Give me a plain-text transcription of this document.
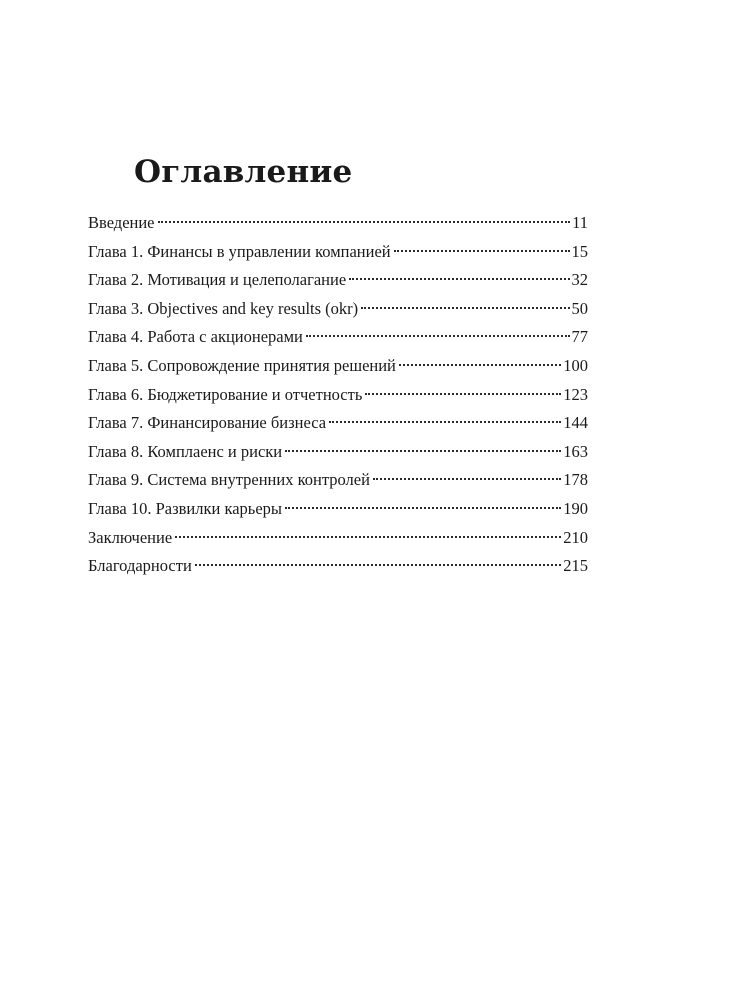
Оглавление
Введение	11
Глава 1. Финансы в управлении компанией	15
Глава 2. Мотивация и целеполагание	32
Глава 3. Objectives and key results (okr)	50
Глава 4. Работа с акционерами	77
Глава 5. Сопровождение принятия решений	100
Глава 6. Бюджетирование и отчетность	123
Глава 7. Финансирование бизнеса	144
Глава 8. Комплаенс и риски	163
Глава 9. Система внутренних контролей	178
Глава 10. Развилки карьеры	190
Заключение	210
Благодарности	215
